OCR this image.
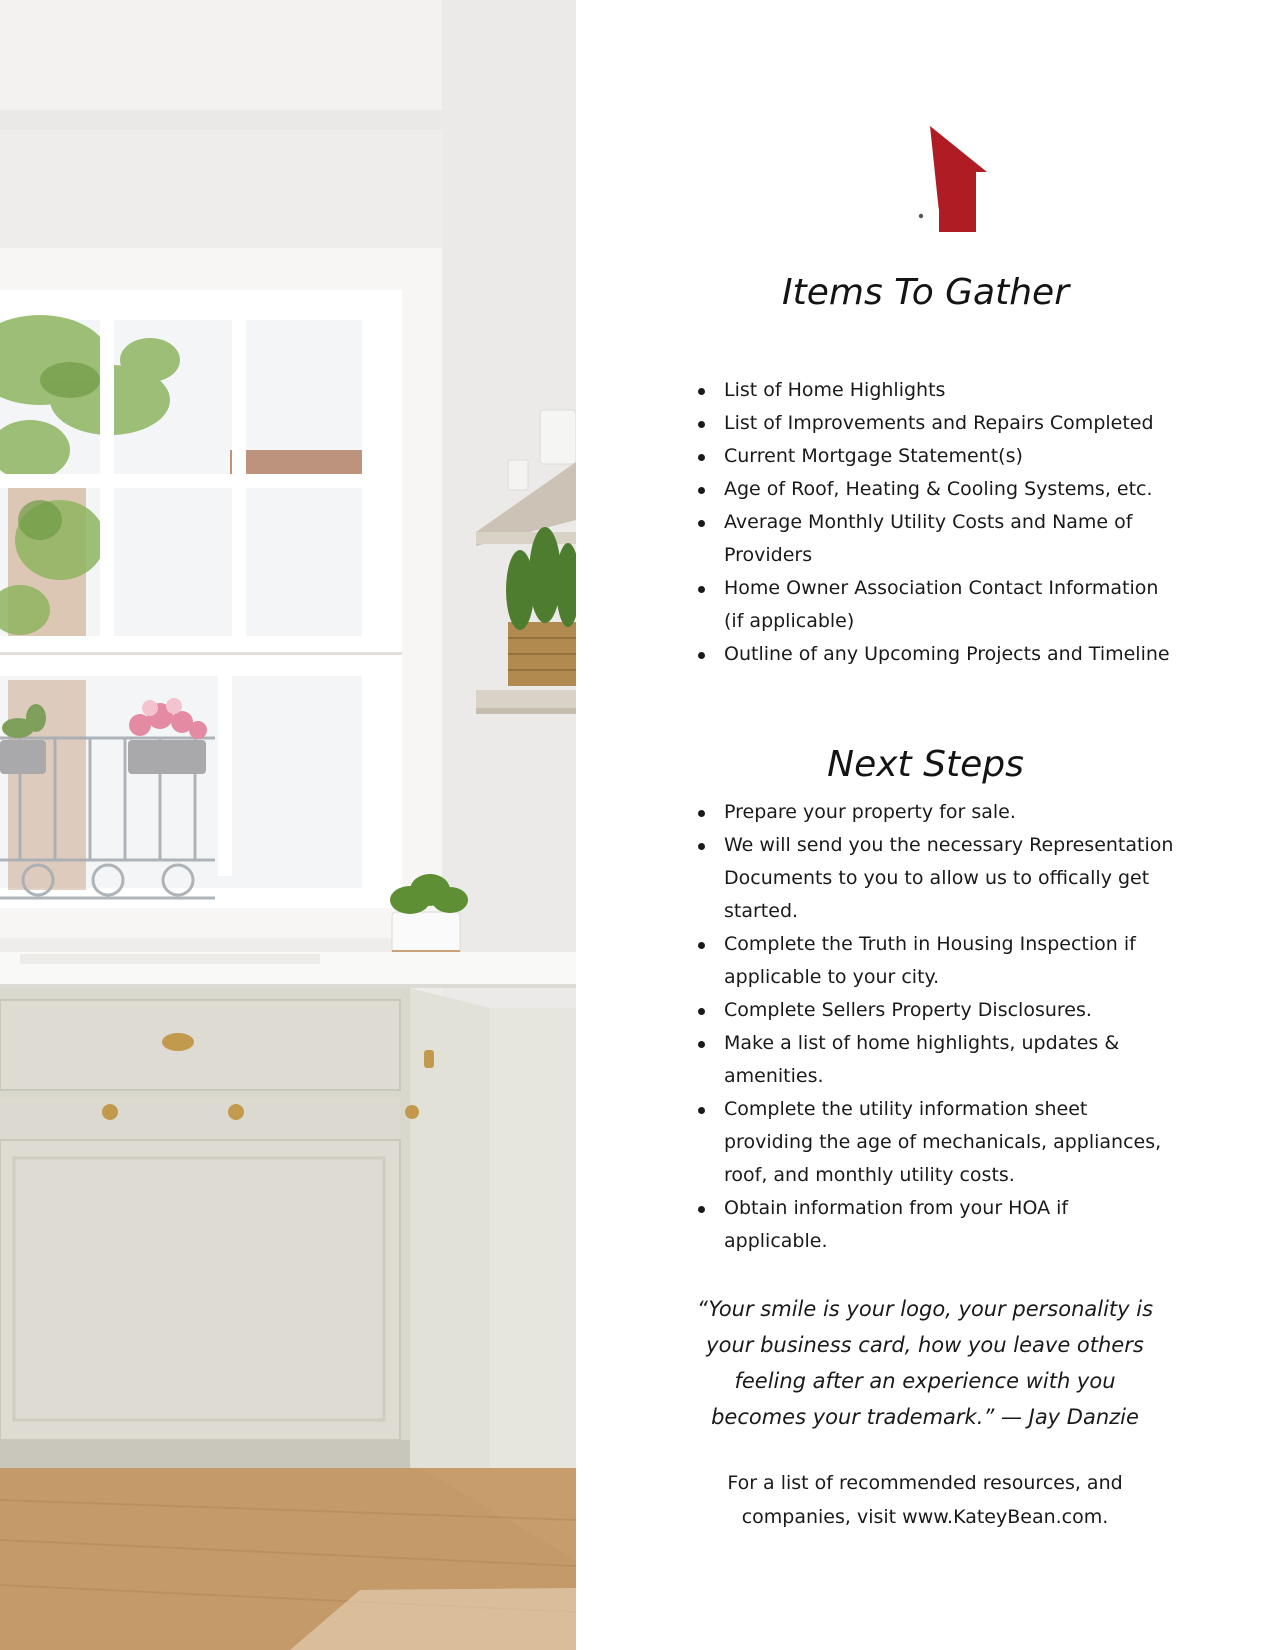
Items To Gather
List of Home Highlights
List of Improvements and Repairs Completed
Current Mortgage Statement(s)
Age of Roof, Heating & Cooling Systems, etc.
Average Monthly Utility Costs and Name of Providers
Home Owner Association Contact Information (if applicable)
Outline of any Upcoming Projects and Timeline
Next Steps
Prepare your property for sale.
We will send you the necessary Representation Documents to you to allow us to offically get started.
Complete the Truth in Housing Inspection if applicable to your city.
Complete Sellers Property Disclosures.
Make a list of home highlights, updates & amenities.
Complete the utility information sheet providing the age of mechanicals, appliances, roof, and monthly utility costs.
Obtain information from your HOA if applicable.

“Your smile is your logo, your personality is your business card, how you leave others feeling after an experience with you becomes your trademark.” — Jay Danzie

For a list of recommended resources, and companies, visit www.KateyBean.com.
